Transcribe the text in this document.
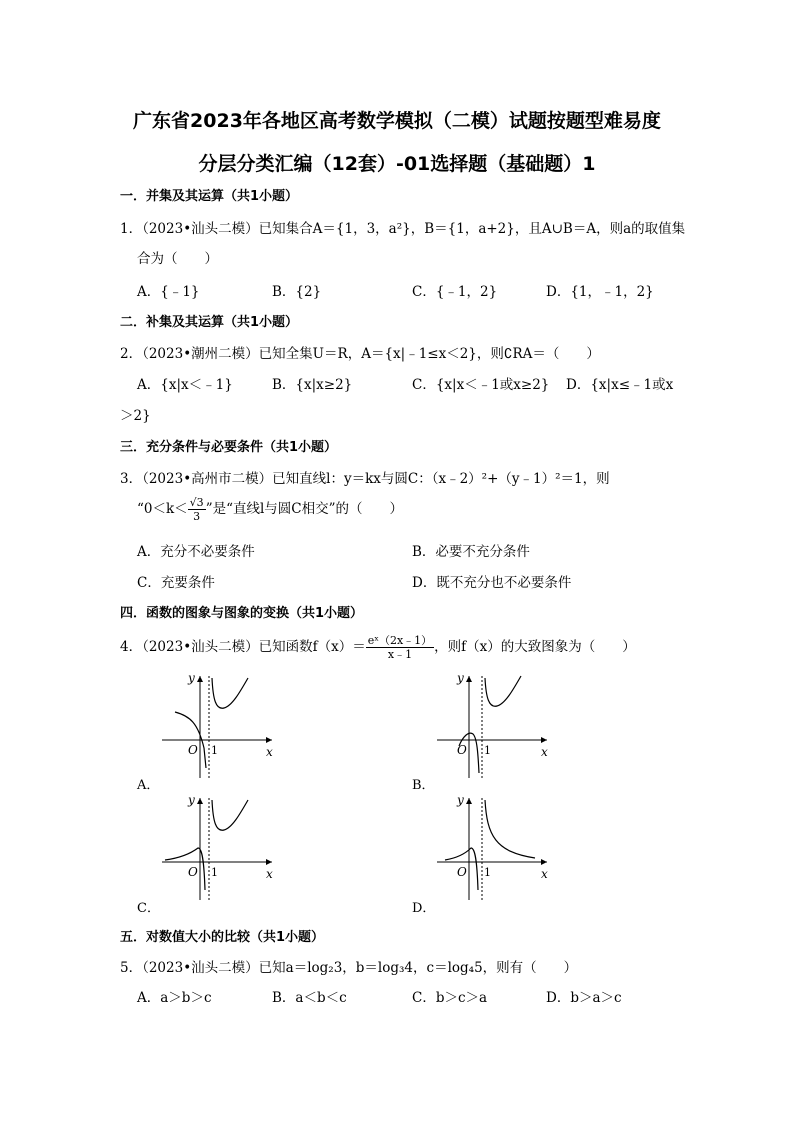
广东省2023年各地区高考数学模拟（二模）试题按题型难易度
分层分类汇编（12套）-01选择题（基础题）1
一．并集及其运算（共1小题）
1．（2023•汕头二模）已知集合A＝{1，3，a²}，B＝{1，a+2}，且A∪B＝A，则a的取值集
合为（　　）
A．{﹣1}	B．{2}	C．{﹣1，2}	D．{1，﹣1，2}
二．补集及其运算（共1小题）
2．（2023•潮州二模）已知全集U＝R，A＝{x|﹣1≤x＜2}，则∁RA＝（　　）
A．{x|x＜﹣1}	B．{x|x≥2}	C．{x|x＜﹣1或x≥2} D．{x|x≤﹣1或x
＞2}
三．充分条件与必要条件（共1小题）
3．（2023•高州市二模）已知直线l：y＝kx与圆C：（x﹣2）²+（y﹣1）²＝1，则
“$0<k< \frac{√3}{3}$ ”是“直线l与圆C相交”的（　　）
A．充分不必要条件	B．必要不充分条件
C．充要条件	D．既不充分也不必要条件
四．函数的图象与图象的变换（共1小题）
4．（2023•汕头二模）已知函数$f(x)= \frac{\text{eˣ（2x﹣1）}}{x﹣1}$ ，则f（x）的大致图象为（　　）
y
x
O 1
A．
y
x
O 1
B．
y
x
O 1
C．
y
x
O 1
D．
五．对数值大小的比较（共1小题）
5．（2023•汕头二模）已知a＝log₂3，b＝log₃4，c＝log₄5，则有（　　）
A．a＞b＞c	B．a＜b＜c	C．b＞c＞a	D．b＞a＞c
